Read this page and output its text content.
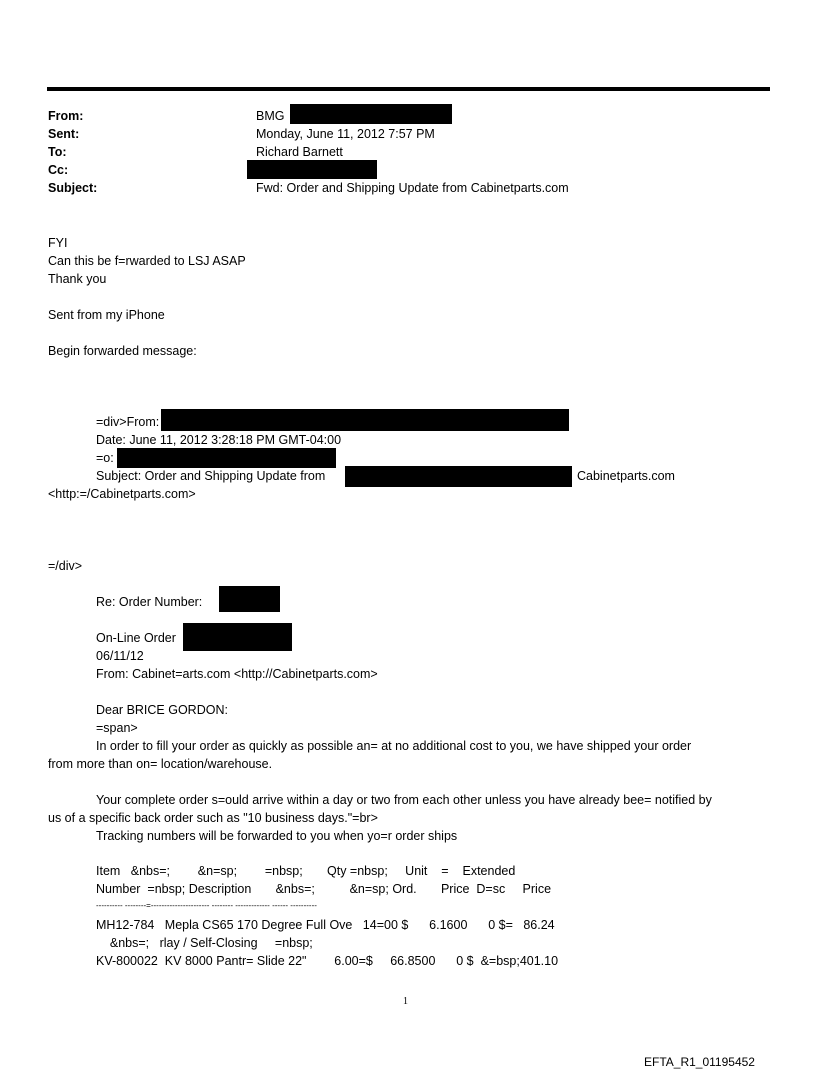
From:	BMG
Sent:	Monday, June 11, 2012 7:57 PM
To:	Richard Barnett
Cc:
Subject:	Fwd: Order and Shipping Update from Cabinetparts.com
FYI
Can this be f=rwarded to LSJ ASAP
Thank you
Sent from my iPhone
Begin forwarded message:
=div>From:
Date: June 11, 2012 3:28:18 PM GMT-04:00
=o:
Subject: Order and Shipping Update from	Cabinetparts.com
<http:=/Cabinetparts.com>
=/div>
Re: Order Number:
On-Line Order
06/11/12
From: Cabinet=arts.com <http://Cabinetparts.com>
Dear BRICE GORDON:
=span>
In order to fill your order as quickly as possible an= at no additional cost to you, we have shipped your order
from more than on= location/warehouse.
Your complete order s=ould arrive within a day or two from each other unless you have already bee= notified by
us of a specific back order such as "10 business days."=br>
Tracking numbers will be forwarded to you when yo=r order ships
Item   &nbs=;        &n=sp;        =nbsp;       Qty =nbsp;     Unit    =    Extended
Number  =nbsp; Description       &nbs=;          &n=sp; Ord.       Price  D=sc     Price
---------- --------=---------------------- -------- ------------- ------ ----------
MH12-784   Mepla CS65 170 Degree Full Ove   14=00 $      6.1600      0 $=   86.24
&nbs=;   rlay / Self-Closing     =nbsp;
KV-800022  KV 8000 Pantr= Slide 22"        6.00=$     66.8500      0 $  &=bsp;401.10
1
EFTA_R1_01195452
